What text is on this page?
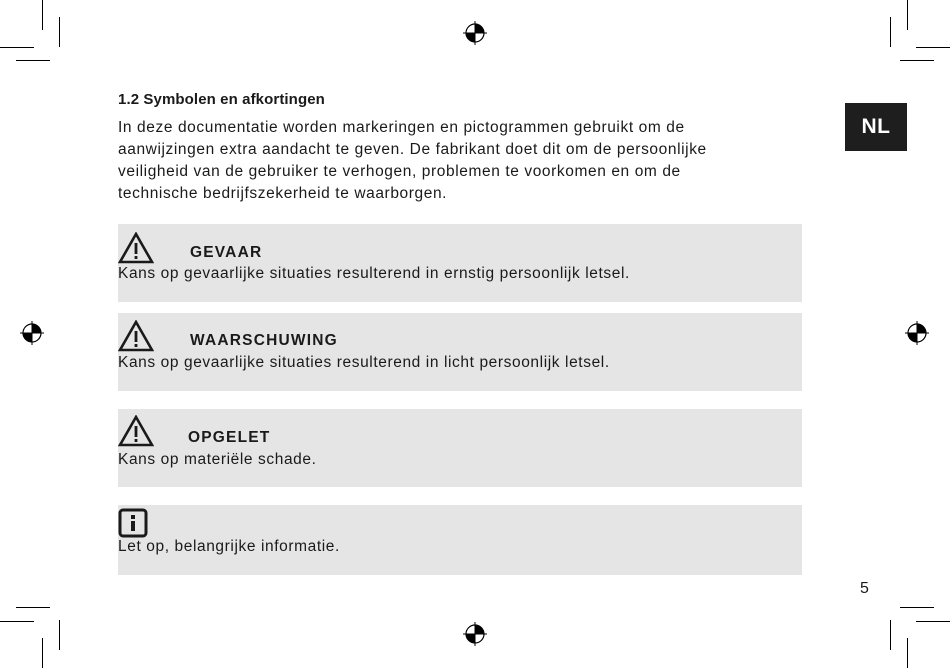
1.2 Symbolen en afkortingen
In deze documentatie worden markeringen en pictogrammen gebruikt om de
aanwijzingen extra aandacht te geven. De fabrikant doet dit om de persoonlijke
veiligheid van de gebruiker te verhogen, problemen te voorkomen en om de
technische bedrijfszekerheid te waarborgen.
NL
GEVAAR
Kans op gevaarlijke situaties resulterend in ernstig persoonlijk letsel.
WAARSCHUWING
Kans op gevaarlijke situaties resulterend in licht persoonlijk letsel.
OPGELET
Kans op materiële schade.
Let op, belangrijke informatie.
5
